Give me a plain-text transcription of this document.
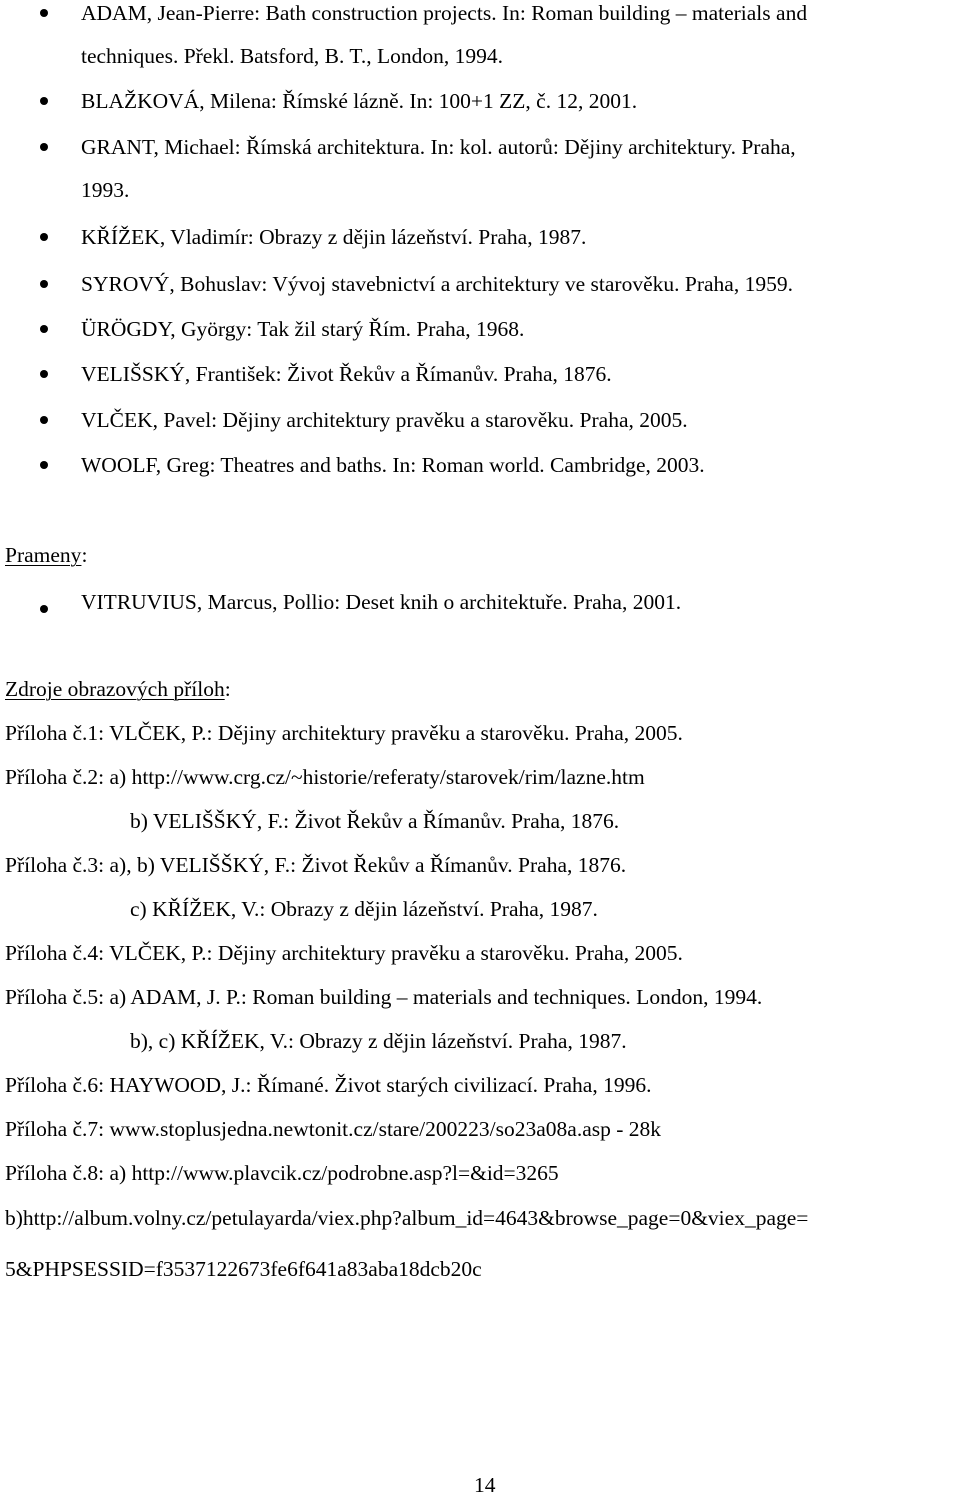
ADAM, Jean-Pierre: Bath construction projects. In: Roman building – materials and
techniques. Překl. Batsford, B. T., London, 1994.
BLAŽKOVÁ, Milena: Římské lázně. In: 100+1 ZZ, č. 12, 2001.
GRANT, Michael: Římská architektura. In: kol. autorů: Dějiny architektury. Praha,
1993.
KŘÍŽEK, Vladimír: Obrazy z dějin lázeňství. Praha, 1987.
SYROVÝ, Bohuslav: Vývoj stavebnictví a architektury ve starověku. Praha, 1959.
ÜRÖGDY, György: Tak žil starý Řím. Praha, 1968.
VELIŠSKÝ, František: Život Řekův a Římanův. Praha, 1876.
VLČEK, Pavel: Dějiny architektury pravěku a starověku. Praha, 2005.
WOOLF, Greg: Theatres and baths. In: Roman world. Cambridge, 2003.
Prameny:
VITRUVIUS, Marcus, Pollio: Deset knih o architektuře. Praha, 2001.
Zdroje obrazových příloh:
Příloha č.1: VLČEK, P.: Dějiny architektury pravěku a starověku. Praha, 2005.
Příloha č.2: a) http://www.crg.cz/~historie/referaty/starovek/rim/lazne.htm
b) VELIŠŠKÝ, F.: Život Řekův a Římanův. Praha, 1876.
Příloha č.3: a), b) VELIŠŠKÝ, F.: Život Řekův a Římanův. Praha, 1876.
c) KŘÍŽEK, V.: Obrazy z dějin lázeňství. Praha, 1987.
Příloha č.4: VLČEK, P.: Dějiny architektury pravěku a starověku. Praha, 2005.
Příloha č.5: a) ADAM, J. P.: Roman building – materials and techniques. London, 1994.
b), c) KŘÍŽEK, V.: Obrazy z dějin lázeňství. Praha, 1987.
Příloha č.6: HAYWOOD, J.: Římané. Život starých civilizací. Praha, 1996.
Příloha č.7: www.stoplusjedna.newtonit.cz/stare/200223/so23a08a.asp - 28k
Příloha č.8: a) http://www.plavcik.cz/podrobne.asp?l=&id=3265
b)http://album.volny.cz/petulayarda/viex.php?album_id=4643&browse_page=0&viex_page=
5&PHPSESSID=f3537122673fe6f641a83aba18dcb20c
14
